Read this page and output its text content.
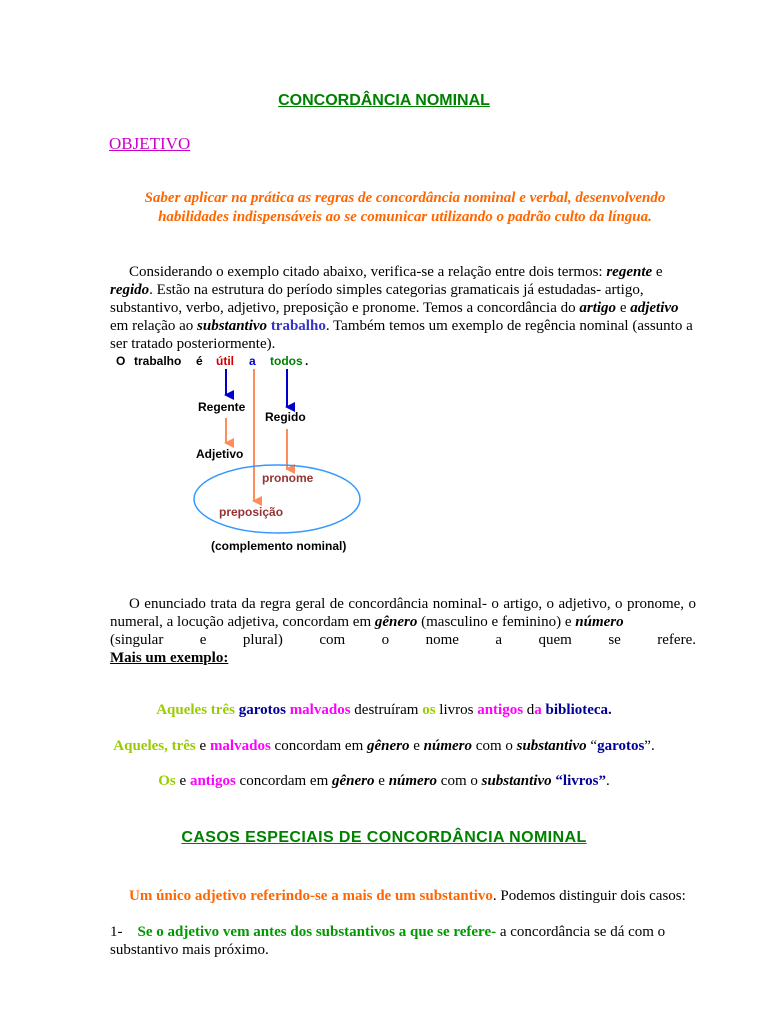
CONCORDÂNCIA NOMINAL
OBJETIVO
Saber aplicar na prática as regras de concordância nominal e verbal, desenvolvendo habilidades indispensáveis ao se comunicar utilizando o padrão culto da língua.
Considerando o exemplo citado abaixo, verifica-se a relação entre dois termos: regente e regido. Estão na estrutura do período simples categorias gramaticais já estudadas- artigo, substantivo, verbo, adjetivo, preposição e pronome. Temos a concordância do artigo e adjetivo em relação ao substantivo trabalho. Também temos um exemplo de regência nominal (assunto a ser tratado posteriormente).
O trabalho é útil a todos .
Regente
Regido
Adjetivo
pronome
preposição
(complemento nominal)
O enunciado trata da regra geral de concordância nominal- o artigo, o adjetivo, o pronome, o numeral, a locução adjetiva, concordam em gênero (masculino e feminino) e número
(singular e plural) com o nome a quem se refere.
Mais um exemplo:
Aqueles três garotos malvados destruíram os livros antigos da biblioteca.
Aqueles, três e malvados concordam em gênero e número com o substantivo “garotos”.
Os e antigos concordam em gênero e número com o substantivo “livros”.
CASOS ESPECIAIS DE CONCORDÂNCIA NOMINAL
Um único adjetivo referindo-se a mais de um substantivo. Podemos distinguir dois casos:
1- Se o adjetivo vem antes dos substantivos a que se refere- a concordância se dá com o substantivo mais próximo.
